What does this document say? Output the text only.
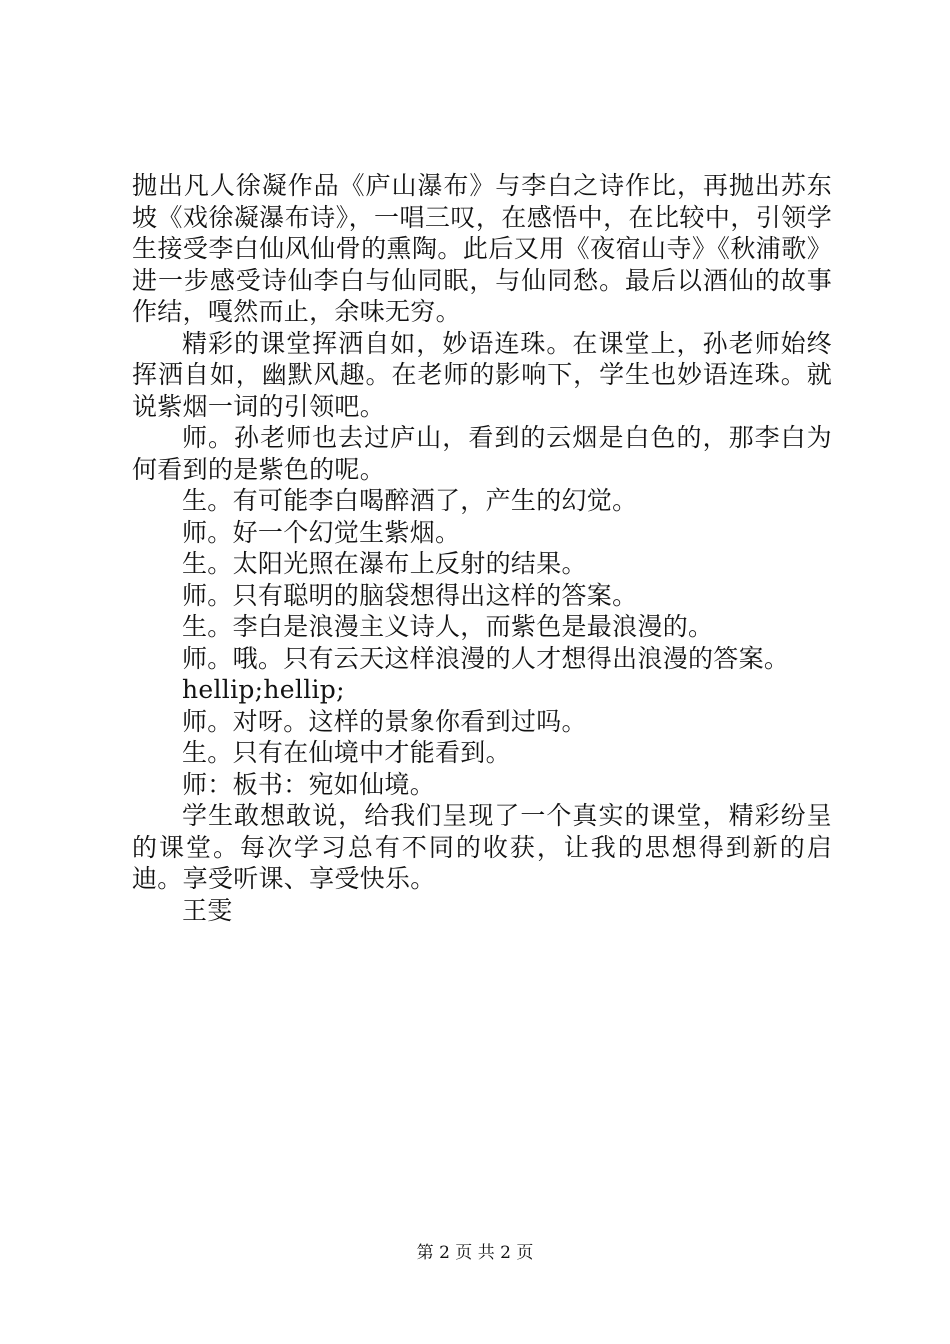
抛出凡人徐凝作品《庐山瀑布》与李白之诗作比，再抛出苏东坡《戏徐凝瀑布诗》，一唱三叹，在感悟中，在比较中，引领学生接受李白仙风仙骨的熏陶。此后又用《夜宿山寺》《秋浦歌》进一步感受诗仙李白与仙同眠，与仙同愁。最后以酒仙的故事作结，嘎然而止，余味无穷。

精彩的课堂挥洒自如，妙语连珠。在课堂上，孙老师始终挥洒自如，幽默风趣。在老师的影响下，学生也妙语连珠。就说紫烟一词的引领吧。

师。孙老师也去过庐山，看到的云烟是白色的，那李白为何看到的是紫色的呢。

生。有可能李白喝醉酒了，产生的幻觉。

师。好一个幻觉生紫烟。

生。太阳光照在瀑布上反射的结果。

师。只有聪明的脑袋想得出这样的答案。

生。李白是浪漫主义诗人，而紫色是最浪漫的。

师。哦。只有云天这样浪漫的人才想得出浪漫的答案。

hellip;hellip;

师。对呀。这样的景象你看到过吗。

生。只有在仙境中才能看到。

师：板书：宛如仙境。

学生敢想敢说，给我们呈现了一个真实的课堂，精彩纷呈的课堂。每次学习总有不同的收获，让我的思想得到新的启迪。享受听课、享受快乐。

王雯

第 2 页 共 2 页
